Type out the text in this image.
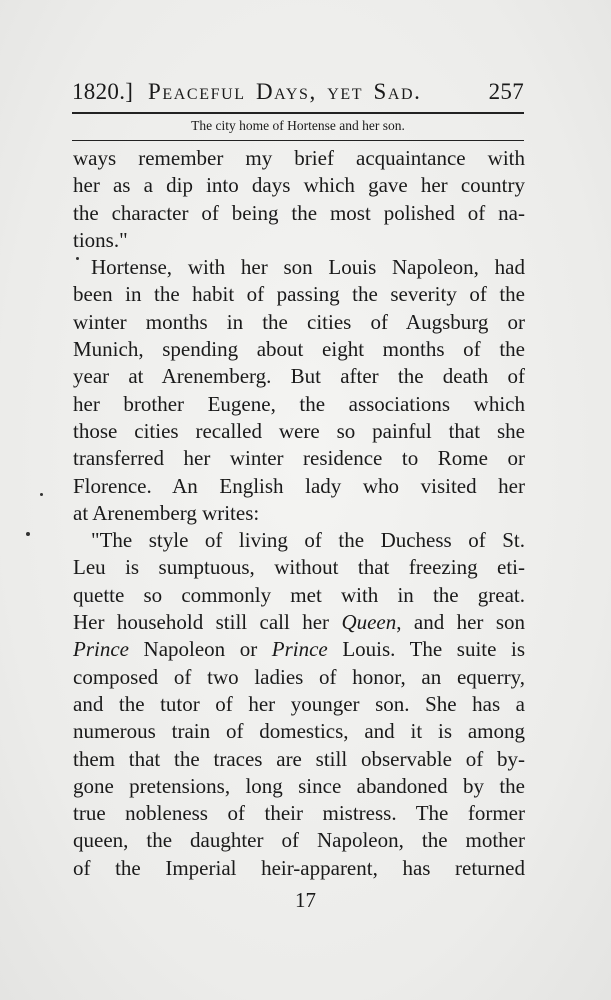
1820.] Peaceful Days, yet Sad.	257
The city home of Hortense and her son.
ways remember my brief acquaintance with
her as a dip into days which gave her country
the character of being the most polished of na-
tions."
Hortense, with her son Louis Napoleon, had
been in the habit of passing the severity of the
winter months in the cities of Augsburg or
Munich, spending about eight months of the
year at Arenemberg. But after the death of
her brother Eugene, the associations which
those cities recalled were so painful that she
transferred her winter residence to Rome or
Florence. An English lady who visited her
at Arenemberg writes:
"The style of living of the Duchess of St.
Leu is sumptuous, without that freezing eti-
quette so commonly met with in the great.
Her household still call her Queen, and her son
Prince Napoleon or Prince Louis. The suite is
composed of two ladies of honor, an equerry,
and the tutor of her younger son. She has a
numerous train of domestics, and it is among
them that the traces are still observable of by-
gone pretensions, long since abandoned by the
true nobleness of their mistress. The former
queen, the daughter of Napoleon, the mother
of the Imperial heir-apparent, has returned
17
